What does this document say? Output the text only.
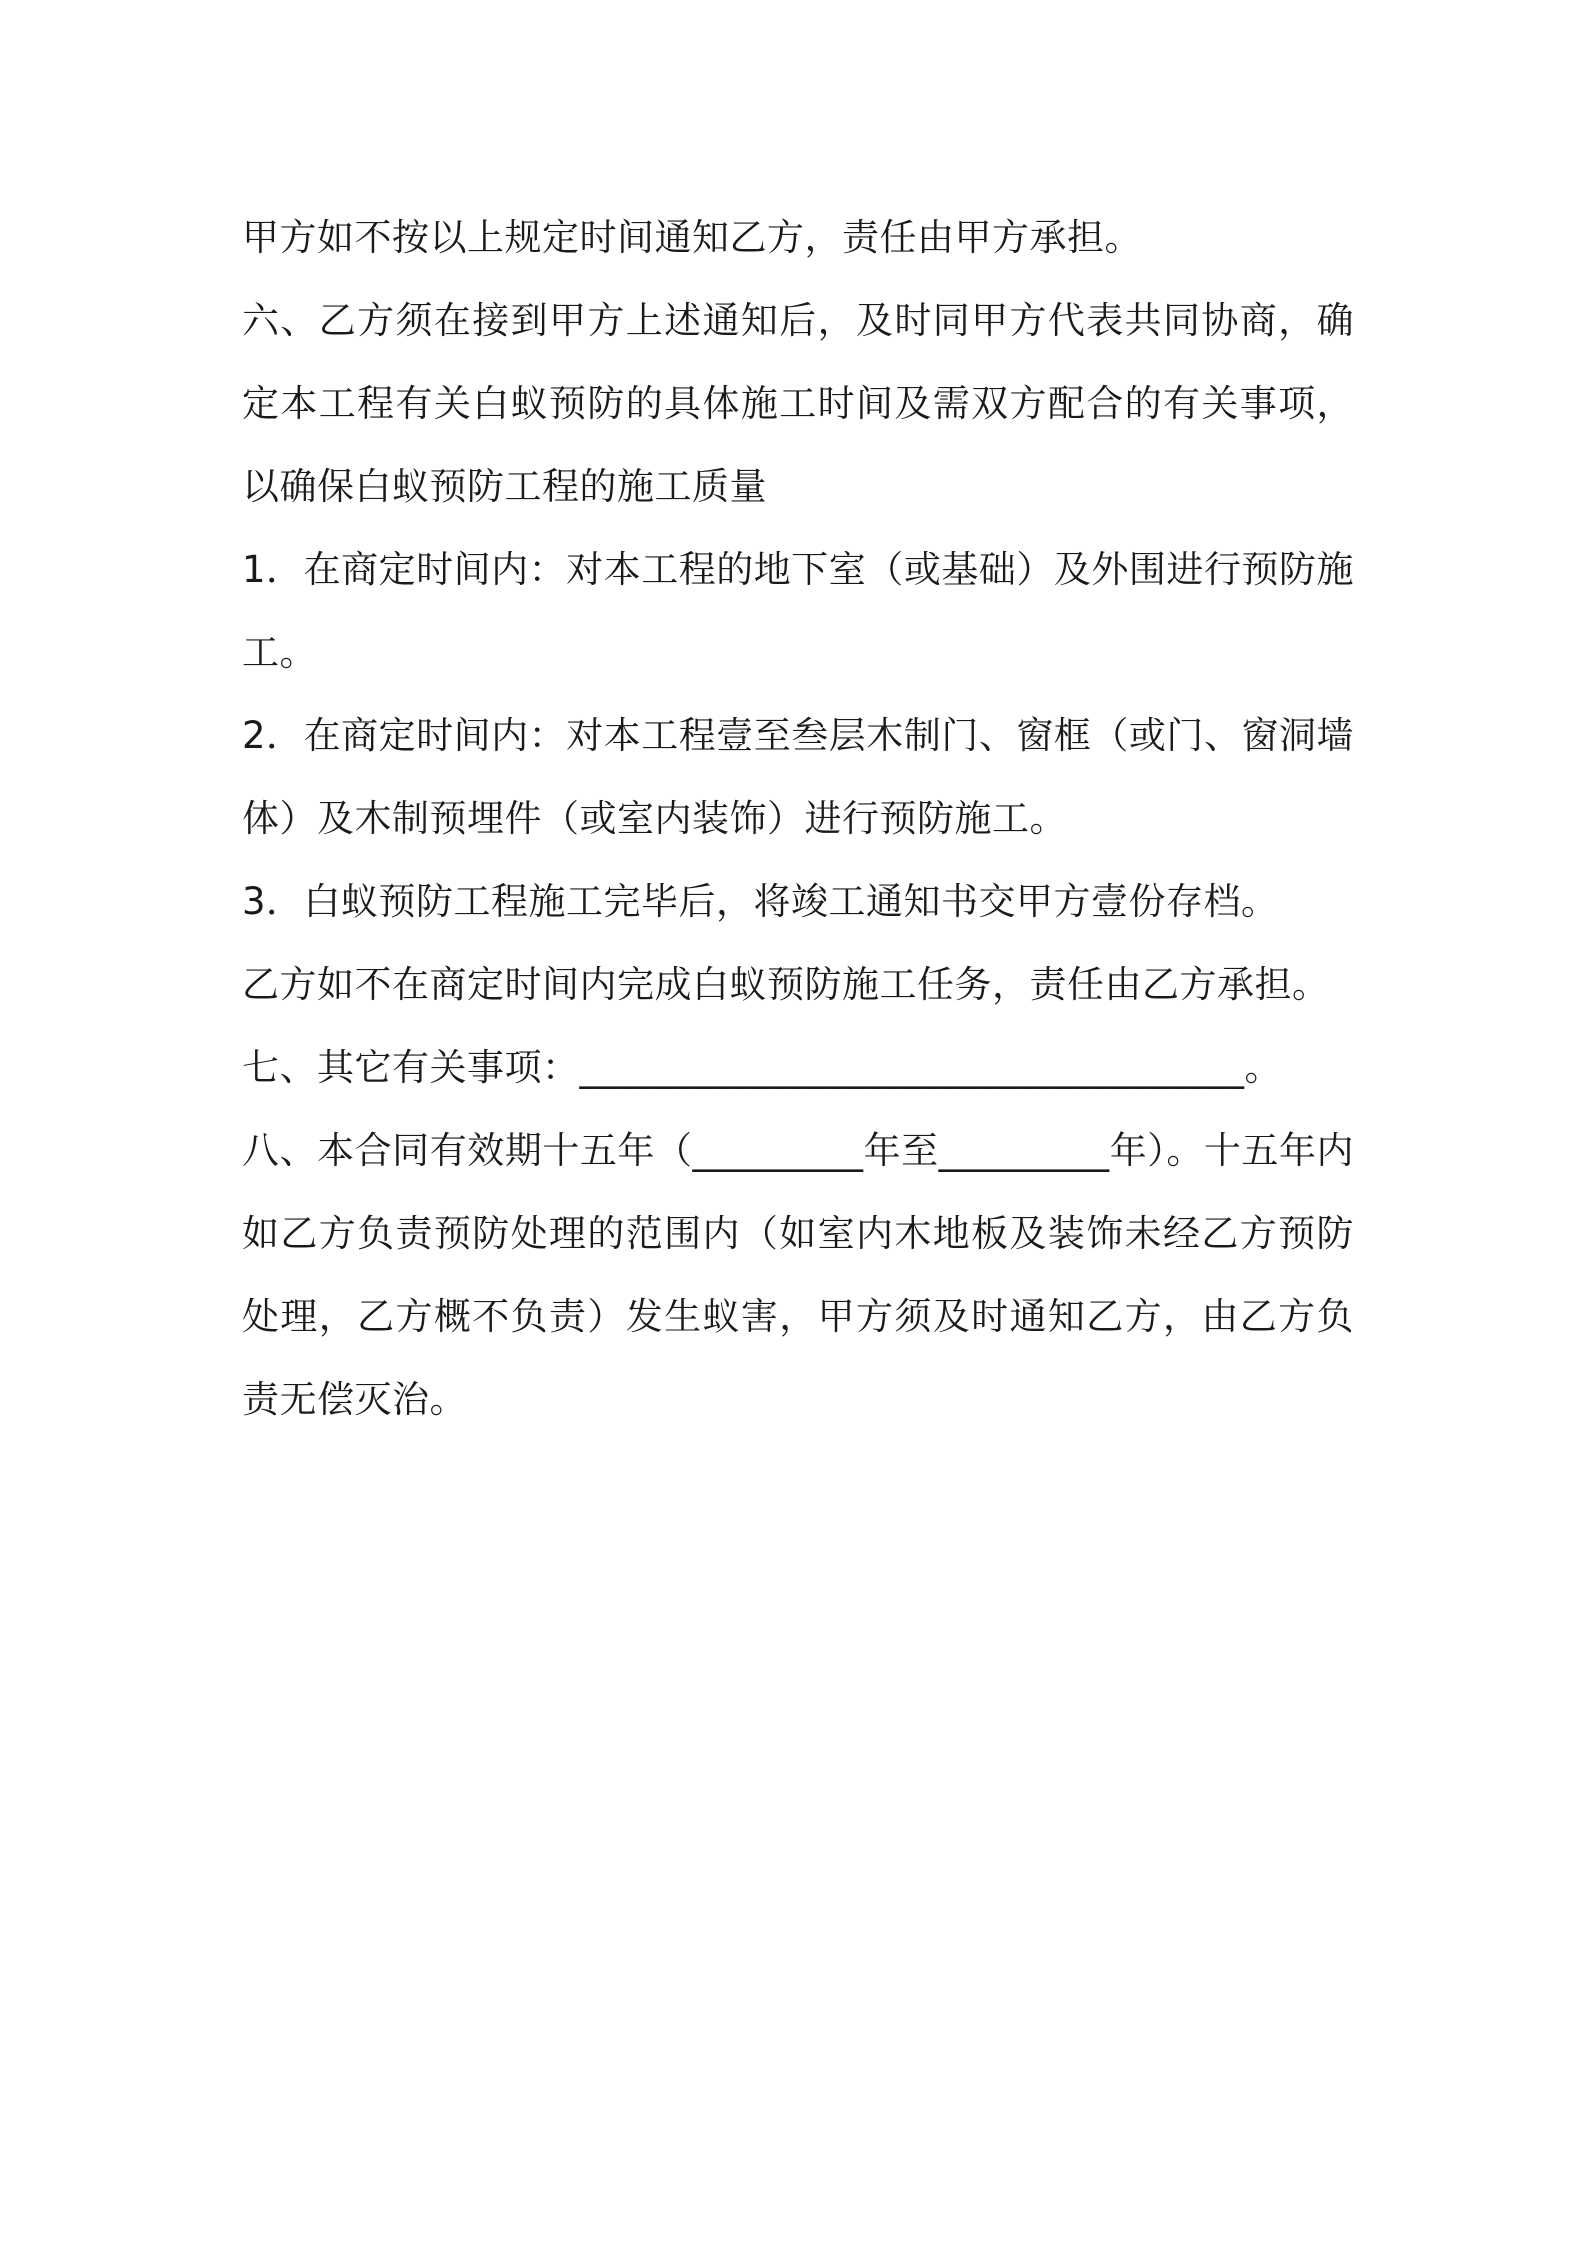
甲方如不按以上规定时间通知乙方，责任由甲方承担。

六、乙方须在接到甲方上述通知后，及时同甲方代表共同协商，确定本工程有关白蚁预防的具体施工时间及需双方配合的有关事项，以确保白蚁预防工程的施工质量

1．在商定时间内：对本工程的地下室（或基础）及外围进行预防施工。

2．在商定时间内：对本工程壹至叁层木制门、窗框（或门、窗洞墙体）及木制预埋件（或室内装饰）进行预防施工。

3．白蚁预防工程施工完毕后，将竣工通知书交甲方壹份存档。

乙方如不在商定时间内完成白蚁预防施工任务，责任由乙方承担。

七、其它有关事项：___________________________________。

八、本合同有效期十五年（_________年至_________年）。十五年内如乙方负责预防处理的范围内（如室内木地板及装饰未经乙方预防处理，乙方概不负责）发生蚁害，甲方须及时通知乙方，由乙方负责无偿灭治。
